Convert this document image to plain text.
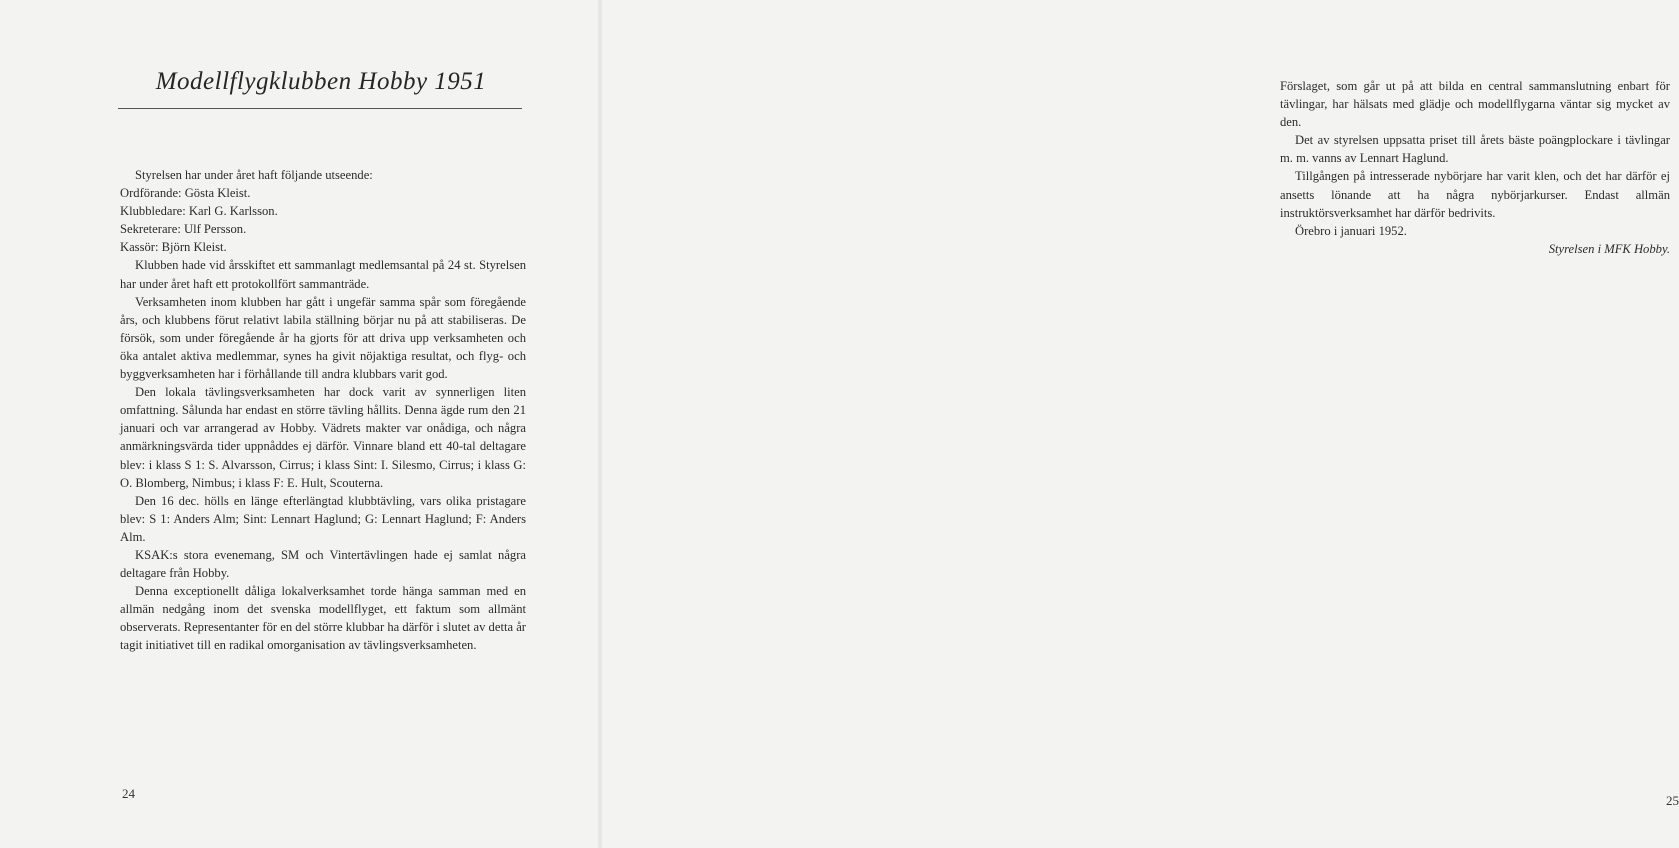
Modellflygklubben Hobby 1951

Styrelsen har under året haft följande utseende:

Ordförande: Gösta Kleist.

Klubbledare: Karl G. Karlsson.

Sekreterare: Ulf Persson.

Kassör: Björn Kleist.

Klubben hade vid årsskiftet ett sammanlagt medlemsantal på 24 st. Styrelsen har under året haft ett protokollfört sammanträde.

Verksamheten inom klubben har gått i ungefär samma spår som föregående års, och klubbens förut relativt labila ställning börjar nu på att stabiliseras. De försök, som under föregående år ha gjorts för att driva upp verksamheten och öka antalet aktiva medlemmar, synes ha givit nöjaktiga resultat, och flyg- och byggverksamheten har i förhållande till andra klubbars varit god.

Den lokala tävlingsverksamheten har dock varit av synnerligen liten omfattning. Sålunda har endast en större tävling hållits. Denna ägde rum den 21 januari och var arrangerad av Hobby. Vädrets makter var onådiga, och några anmärkningsvärda tider uppnåddes ej därför. Vinnare bland ett 40-tal deltagare blev: i klass S 1: S. Alvarsson, Cirrus; i klass Sint: I. Silesmo, Cirrus; i klass G: O. Blomberg, Nimbus; i klass F: E. Hult, Scouterna.

Den 16 dec. hölls en länge efterlängtad klubbtävling, vars olika pristagare blev: S 1: Anders Alm; Sint: Lennart Haglund; G: Lennart Haglund; F: Anders Alm.

KSAK:s stora evenemang, SM och Vintertävlingen hade ej samlat några deltagare från Hobby.

Denna exceptionellt dåliga lokalverksamhet torde hänga samman med en allmän nedgång inom det svenska modellflyget, ett faktum som allmänt observerats. Representanter för en del större klubbar ha därför i slutet av detta år tagit initiativet till en radikal omorganisation av tävlingsverksamheten.

24

Förslaget, som går ut på att bilda en central sammanslutning enbart för tävlingar, har hälsats med glädje och modellflygarna väntar sig mycket av den.

Det av styrelsen uppsatta priset till årets bäste poängplockare i tävlingar m. m. vanns av Lennart Haglund.

Tillgången på intresserade nybörjare har varit klen, och det har därför ej ansetts lönande att ha några nybörjarkurser. Endast allmän instruktörsverksamhet har därför bedrivits.

Örebro i januari 1952.

Styrelsen i MFK Hobby.

25
